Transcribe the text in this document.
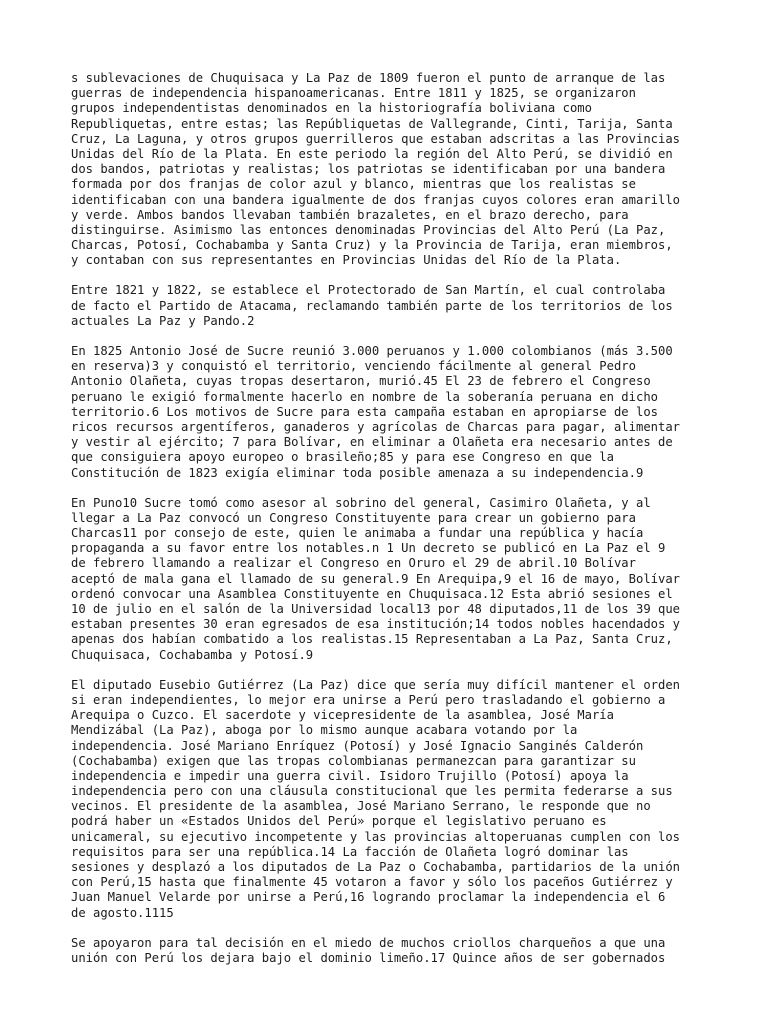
s sublevaciones de Chuquisaca y La Paz de 1809 fueron el punto de arranque de las
guerras de independencia hispanoamericanas. Entre 1811 y 1825, se organizaron
grupos independentistas denominados en la historiografía boliviana como
Republiquetas, entre estas; las Repúbliquetas de Vallegrande, Cinti, Tarija, Santa
Cruz, La Laguna, y otros grupos guerrilleros que estaban adscritas a las Provincias
Unidas del Río de la Plata. En este periodo la región del Alto Perú, se dividió en
dos bandos, patriotas y realistas; los patriotas se identificaban por una bandera
formada por dos franjas de color azul y blanco, mientras que los realistas se
identificaban con una bandera igualmente de dos franjas cuyos colores eran amarillo
y verde. Ambos bandos llevaban también brazaletes, en el brazo derecho, para
distinguirse. Asimismo las entonces denominadas Provincias del Alto Perú (La Paz,
Charcas, Potosí, Cochabamba y Santa Cruz) y la Provincia de Tarija, eran miembros,
y contaban con sus representantes en Provincias Unidas del Río de la Plata.
Entre 1821 y 1822, se establece el Protectorado de San Martín, el cual controlaba
de facto el Partido de Atacama, reclamando también parte de los territorios de los
actuales La Paz y Pando.2
En 1825 Antonio José de Sucre reunió 3.000 peruanos y 1.000 colombianos (más 3.500
en reserva)3 y conquistó el territorio, venciendo fácilmente al general Pedro
Antonio Olañeta, cuyas tropas desertaron, murió.45 El 23 de febrero el Congreso
peruano le exigió formalmente hacerlo en nombre de la soberanía peruana en dicho
territorio.6 Los motivos de Sucre para esta campaña estaban en apropiarse de los
ricos recursos argentíferos, ganaderos y agrícolas de Charcas para pagar, alimentar
y vestir al ejército; 7 para Bolívar, en eliminar a Olañeta era necesario antes de
que consiguiera apoyo europeo o brasileño;85 y para ese Congreso en que la
Constitución de 1823 exigía eliminar toda posible amenaza a su independencia.9
En Puno10 Sucre tomó como asesor al sobrino del general, Casimiro Olañeta, y al
llegar a La Paz convocó un Congreso Constituyente para crear un gobierno para
Charcas11 por consejo de este, quien le animaba a fundar una república y hacía
propaganda a su favor entre los notables.n 1 Un decreto se publicó en La Paz el 9
de febrero llamando a realizar el Congreso en Oruro el 29 de abril.10 Bolívar
aceptó de mala gana el llamado de su general.9 En Arequipa,9 el 16 de mayo, Bolívar
ordenó convocar una Asamblea Constituyente en Chuquisaca.12 Esta abrió sesiones el
10 de julio en el salón de la Universidad local13 por 48 diputados,11 de los 39 que
estaban presentes 30 eran egresados de esa institución;14 todos nobles hacendados y
apenas dos habían combatido a los realistas.15 Representaban a La Paz, Santa Cruz,
Chuquisaca, Cochabamba y Potosí.9
El diputado Eusebio Gutiérrez (La Paz) dice que sería muy difícil mantener el orden
si eran independientes, lo mejor era unirse a Perú pero trasladando el gobierno a
Arequipa o Cuzco. El sacerdote y vicepresidente de la asamblea, José María
Mendizábal (La Paz), aboga por lo mismo aunque acabara votando por la
independencia. José Mariano Enríquez (Potosí) y José Ignacio Sanginés Calderón
(Cochabamba) exigen que las tropas colombianas permanezcan para garantizar su
independencia e impedir una guerra civil. Isidoro Trujillo (Potosí) apoya la
independencia pero con una cláusula constitucional que les permita federarse a sus
vecinos. El presidente de la asamblea, José Mariano Serrano, le responde que no
podrá haber un «Estados Unidos del Perú» porque el legislativo peruano es
unicameral, su ejecutivo incompetente y las provincias altoperuanas cumplen con los
requisitos para ser una república.14 La facción de Olañeta logró dominar las
sesiones y desplazó a los diputados de La Paz o Cochabamba, partidarios de la unión
con Perú,15 hasta que finalmente 45 votaron a favor y sólo los paceños Gutiérrez y
Juan Manuel Velarde por unirse a Perú,16 logrando proclamar la independencia el 6
de agosto.1115
Se apoyaron para tal decisión en el miedo de muchos criollos charqueños a que una
unión con Perú los dejara bajo el dominio limeño.17 Quince años de ser gobernados
